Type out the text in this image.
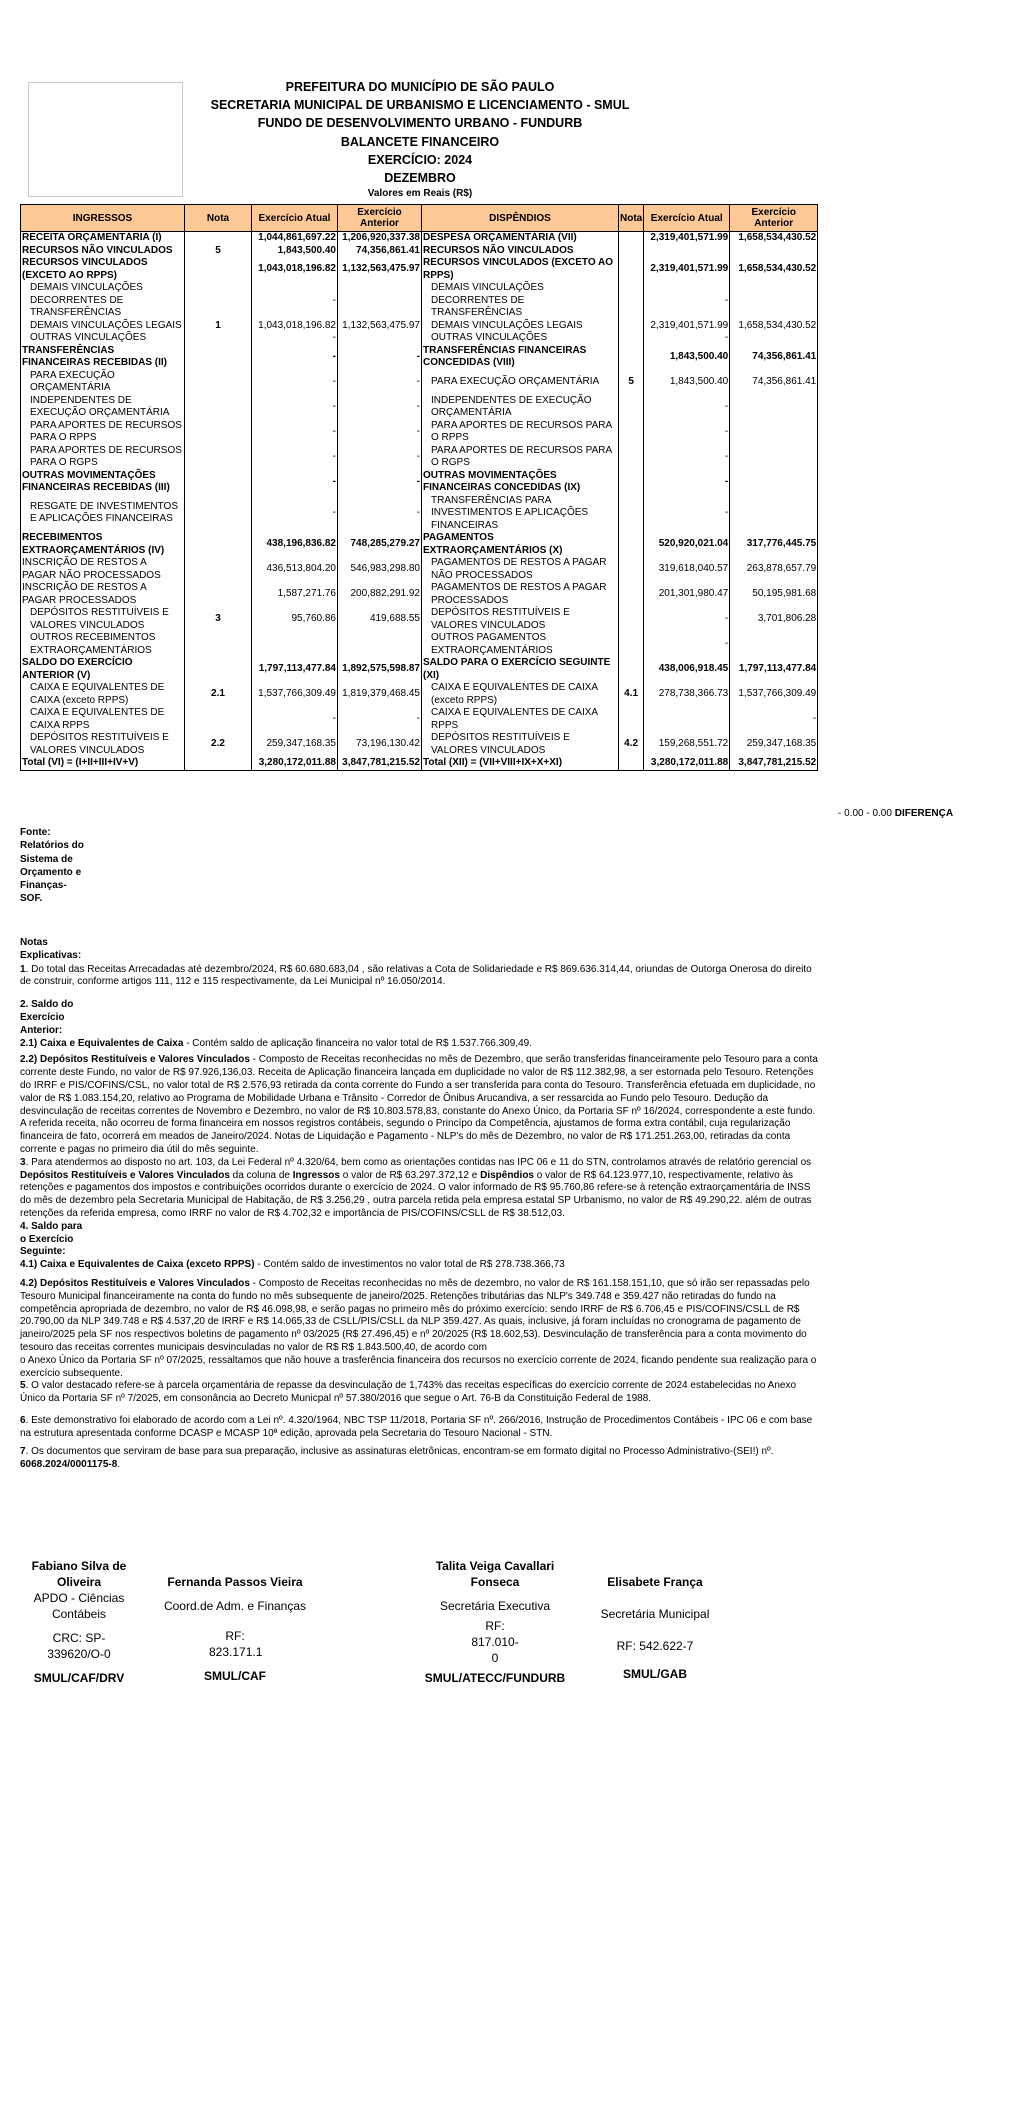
PREFEITURA DO MUNICÍPIO DE SÃO PAULO
SECRETARIA MUNICIPAL DE URBANISMO E LICENCIAMENTO - SMUL
FUNDO DE DESENVOLVIMENTO URBANO - FUNDURB
BALANCETE FINANCEIRO
EXERCÍCIO: 2024
DEZEMBRO
Valores em Reais (R$)
INGRESSOS	Nota	Exercício Atual	Exercício Anterior	DISPÊNDIOS	Nota	Exercício Atual	Exercício Anterior
RECEITA ORÇAMENTÁRIA (I)		1,044,861,697.22	1,206,920,337.38	DESPESA ORÇAMENTÁRIA (VII)		2,319,401,571.99	1,658,534,430.52
RECURSOS NÃO VINCULADOS	5	1,843,500.40	74,356,861.41	RECURSOS NÃO VINCULADOS			
RECURSOS VINCULADOS (EXCETO AO RPPS)		1,043,018,196.82	1,132,563,475.97	RECURSOS VINCULADOS (EXCETO AO RPPS)		2,319,401,571.99	1,658,534,430.52
DEMAIS VINCULAÇÕES DECORRENTES DE TRANSFERÊNCIAS		-		DEMAIS VINCULAÇÕES DECORRENTES DE TRANSFERÊNCIAS		-	
DEMAIS VINCULAÇÕES LEGAIS	1	1,043,018,196.82	1,132,563,475.97	DEMAIS VINCULAÇÕES LEGAIS		2,319,401,571.99	1,658,534,430.52
OUTRAS VINCULAÇÕES		-		OUTRAS VINCULAÇÕES		-	
TRANSFERÊNCIAS FINANCEIRAS RECEBIDAS (II)		-	-	TRANSFERÊNCIAS FINANCEIRAS CONCEDIDAS (VIII)		1,843,500.40	74,356,861.41
PARA EXECUÇÃO ORÇAMENTÁRIA		-	-	PARA EXECUÇÃO ORÇAMENTÁRIA	5	1,843,500.40	74,356,861.41
INDEPENDENTES DE EXECUÇÃO ORÇAMENTÁRIA		-	-	INDEPENDENTES DE EXECUÇÃO ORÇAMENTÁRIA		-	
PARA APORTES DE RECURSOS PARA O RPPS		-	-	PARA APORTES DE RECURSOS PARA O RPPS		-	
PARA APORTES DE RECURSOS PARA O RGPS		-	-	PARA APORTES DE RECURSOS PARA O RGPS		-	
OUTRAS MOVIMENTAÇÕES FINANCEIRAS RECEBIDAS (III)		-	-	OUTRAS MOVIMENTAÇÕES FINANCEIRAS CONCEDIDAS (IX)		-	
RESGATE DE INVESTIMENTOS E APLICAÇÕES FINANCEIRAS		-	-	TRANSFERÊNCIAS PARA INVESTIMENTOS E APLICAÇÕES FINANCEIRAS		-	
RECEBIMENTOS EXTRAORÇAMENTÁRIOS (IV)		438,196,836.82	748,285,279.27	PAGAMENTOS EXTRAORÇAMENTÁRIOS (X)		520,920,021.04	317,776,445.75
INSCRIÇÃO DE RESTOS A PAGAR NÃO PROCESSADOS		436,513,804.20	546,983,298.80	PAGAMENTOS DE RESTOS A PAGAR NÃO PROCESSADOS		319,618,040.57	263,878,657.79
INSCRIÇÃO DE RESTOS A PAGAR PROCESSADOS		1,587,271.76	200,882,291.92	PAGAMENTOS DE RESTOS A PAGAR PROCESSADOS		201,301,980.47	50,195,981.68
DEPÓSITOS RESTITUÍVEIS E VALORES VINCULADOS	3	95,760.86	419,688.55	DEPÓSITOS RESTITUÍVEIS E VALORES VINCULADOS		-	3,701,806.28
OUTROS RECEBIMENTOS EXTRAORÇAMENTÁRIOS				OUTROS PAGAMENTOS EXTRAORÇAMENTÁRIOS		-	
SALDO DO EXERCÍCIO ANTERIOR (V)		1,797,113,477.84	1,892,575,598.87	SALDO PARA O EXERCÍCIO SEGUINTE (XI)		438,006,918.45	1,797,113,477.84
CAIXA E EQUIVALENTES DE CAIXA (exceto RPPS)	2.1	1,537,766,309.49	1,819,379,468.45	CAIXA E EQUIVALENTES DE CAIXA (exceto RPPS)	4.1	278,738,366.73	1,537,766,309.49
CAIXA E EQUIVALENTES DE CAIXA RPPS		-	-	CAIXA E EQUIVALENTES DE CAIXA RPPS			-
DEPÓSITOS RESTITUÍVEIS E VALORES VINCULADOS	2.2	259,347,168.35	73,196,130.42	DEPÓSITOS RESTITUÍVEIS E VALORES VINCULADOS	4.2	159,268,551.72	259,347,168.35
Total (VI) = (I+II+III+IV+V)		3,280,172,011.88	3,847,781,215.52	Total (XII) = (VII+VIII+IX+X+XI)		3,280,172,011.88	3,847,781,215.52
- 0.00 - 0.00 DIFERENÇA
Fonte: Relatórios do Sistema de Orçamento e Finanças- SOF.

Notas Explicativas:

1. Do total das Receitas Arrecadadas até dezembro/2024, R$ 60.680.683,04 , são relativas a Cota de Solidariedade e R$ 869.636.314,44, oriundas de Outorga Onerosa do direito de construir, conforme artigos 111, 112 e 115 respectivamente, da Lei Municipal nº 16.050/2014.

2. Saldo do Exercício Anterior:

2.1) Caixa e Equivalentes de Caixa - Contém saldo de aplicação financeira no valor total de R$ 1.537.766.309,49.

2.2) Depósitos Restituíveis e Valores Vinculados - Composto de Receitas reconhecidas no mês de Dezembro, que serão transferidas financeiramente pelo Tesouro para a conta corrente deste Fundo, no valor de R$ 97.926,136,03. Receita de Aplicação financeira lançada em duplicidade no valor de R$ 112.382,98, a ser estornada pelo Tesouro. Retenções do IRRF e PIS/COFINS/CSL, no valor total de R$ 2.576,93 retirada da conta corrente do Fundo a ser transferida para conta do Tesouro. Transferência efetuada em duplicidade, no valor de R$ 1.083.154,20, relativo ao Programa de Mobilidade Urbana e Trânsito - Corredor de Ônibus Arucandiva, a ser ressarcida ao Fundo pelo Tesouro. Dedução da desvinculação de receitas correntes de Novembro e Dezembro, no valor de R$ 10.803.578,83, constante do Anexo Único, da Portaria SF nº 16/2024, correspondente a este fundo. A referida receita, não ocorreu de forma financeira em nossos registros contábeis, segundo o Princípo da Competência, ajustamos de forma extra contábil, cuja regularização financeira de fato, ocorrerá em meados de Janeiro/2024. Notas de Liquidação e Pagamento - NLP's do mês de Dezembro, no valor de R$ 171.251.263,00, retiradas da conta corrente e pagas no primeiro dia útil do mês seguinte.

3. Para atendermos ao disposto no art. 103, da Lei Federal nº 4.320/64, bem como as orientações contidas nas IPC 06 e 11 do STN, controlamos através de relatório gerencial os Depósitos Restituíveis e Valores Vinculados da coluna de Ingressos o valor de R$ 63.297.372,12 e Dispêndios o valor de R$ 64.123.977,10, respectivamente, relativo às retenções e pagamentos dos impostos e contribuições ocorridos durante o exercício de 2024. O valor informado de R$ 95.760,86 refere-se à retenção extraorçamentária de INSS do mês de dezembro pela Secretaria Municipal de Habitação, de R$ 3.256,29 , outra parcela retida pela empresa estatal SP Urbanismo, no valor de R$ 49.290,22. além de outras retenções da referida empresa, como IRRF no valor de R$ 4.702,32 e importância de PIS/COFINS/CSLL de R$ 38.512,03.

4. Saldo para o Exercício Seguinte:

4.1) Caixa e Equivalentes de Caixa (exceto RPPS) - Contém saldo de investimentos no valor total de R$ 278.738.366,73

4.2) Depósitos Restituíveis e Valores Vinculados - Composto de Receitas reconhecidas no mês de dezembro, no valor de R$ 161.158.151,10, que só irão ser repassadas pelo Tesouro Municipal financeiramente na conta do fundo no mês subsequente de janeiro/2025. Retenções tributárias das NLP's 349.748 e 359.427 não retiradas do fundo na competência apropriada de dezembro, no valor de R$ 46.098,98, e serão pagas no primeiro mês do próximo exercício: sendo IRRF de R$ 6.706,45 e PIS/COFINS/CSLL de R$ 20.790,00 da NLP 349.748 e R$ 4.537,20 de IRRF e R$ 14.065,33 de CSLL/PIS/CSLL da NLP 359.427. As quais, inclusive, já foram incluídas no cronograma de pagamento de janeiro/2025 pela SF nos respectivos boletins de pagamento nº 03/2025 (R$ 27.496,45) e nº 20/2025 (R$ 18.602,53). Desvinculação de transferência para a conta movimento do tesouro das receitas correntes municipais desvinculadas no valor de R$ R$ 1.843.500,40, de acordo com

o Anexo Único da Portaria SF nº 07/2025, ressaltamos que não houve a trasferência financeira dos recursos no exercício corrente de 2024, ficando pendente sua realização para o exercício subsequente.

5. O valor destacado refere-se à parcela orçamentária de repasse da desvinculação de 1,743% das receitas específicas do exercício corrente de 2024 estabelecidas no Anexo Único da Portaria SF nº 7/2025, em consonância ao Decreto Municpal nº 57.380/2016 que segue o Art. 76-B da Constituição Federal de 1988.

6. Este demonstrativo foi elaborado de acordo com a Lei nº. 4.320/1964, NBC TSP 11/2018, Portaria SF nº. 266/2016, Instrução de Procedimentos Contábeis - IPC 06 e com base na estrutura apresentada conforme DCASP e MCASP 10ª edição, aprovada pela Secretaria do Tesouro Nacional - STN.

7. Os documentos que serviram de base para sua preparação, inclusive as assinaturas eletrônicas, encontram-se em formato digital no Processo Administrativo-(SEI!) nº. 6068.2024/0001175-8.

Fabiano Silva de Oliveira
APDO - Ciências Contábeis
CRC: SP-339620/O-0
SMUL/CAF/DRV
Fernanda Passos Vieira
Coord.de Adm. e Finanças
RF: 823.171.1
SMUL/CAF
Talita Veiga Cavallari Fonseca
Secretária Executiva
RF: 817.010-0
SMUL/ATECC/FUNDURB
Elisabete França
Secretária Municipal
RF: 542.622-7
SMUL/GAB
